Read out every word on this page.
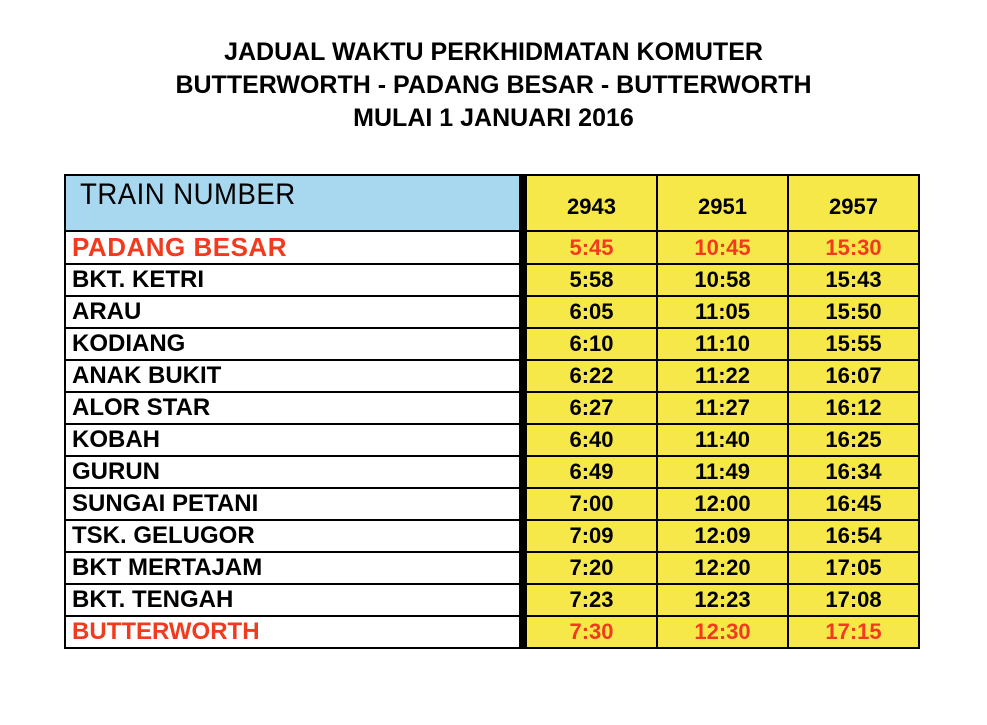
JADUAL WAKTU PERKHIDMATAN KOMUTER
BUTTERWORTH - PADANG BESAR - BUTTERWORTH
MULAI 1 JANUARI 2016
TRAIN NUMBER		2943	2951	2957
PADANG BESAR		5:45	10:45	15:30
BKT. KETRI		5:58	10:58	15:43
ARAU		6:05	11:05	15:50
KODIANG		6:10	11:10	15:55
ANAK BUKIT		6:22	11:22	16:07
ALOR STAR		6:27	11:27	16:12
KOBAH		6:40	11:40	16:25
GURUN		6:49	11:49	16:34
SUNGAI PETANI		7:00	12:00	16:45
TSK. GELUGOR		7:09	12:09	16:54
BKT MERTAJAM		7:20	12:20	17:05
BKT. TENGAH		7:23	12:23	17:08
BUTTERWORTH		7:30	12:30	17:15
